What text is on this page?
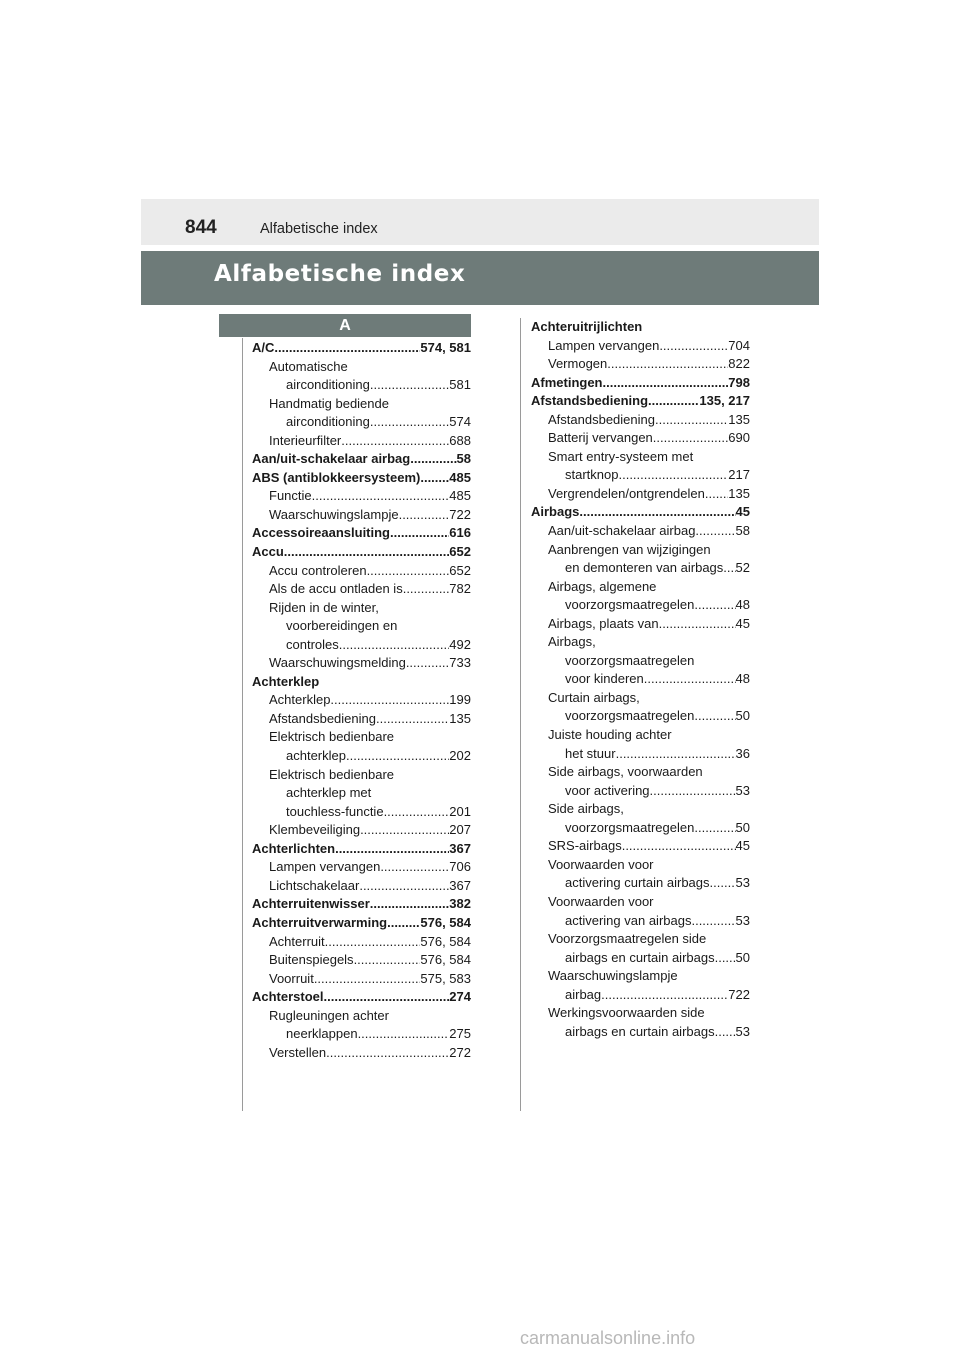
844	Alfabetische index
Alfabetische index
A
A/C .....	574, 581
Automatische
airconditioning .....	581
Handmatig bediende
airconditioning .....	574
Interieurfilter .....	688
Aan/uit-schakelaar airbag .....	58
ABS (antiblokkeersysteem) ..... 485
Functie .....	485
Waarschuwingslampje .....	722
Accessoireaansluiting .....	616
Accu .....	652
Accu controleren .....	652
Als de accu ontladen is .....	782
Rijden in de winter,
voorbereidingen en
controles .....	492
Waarschuwingsmelding .....	733
Achterklep
Achterklep .....	199
Afstandsbediening .....	135
Elektrisch bedienbare
achterklep .....	202
Elektrisch bedienbare
achterklep met
touchless-functie .....	201
Klembeveiliging .....	207
Achterlichten .....	367
Lampen vervangen .....	706
Lichtschakelaar .....	367
Achterruitenwisser .....	382
Achterruitverwarming .....	576, 584
Achterruit .....	576, 584
Buitenspiegels .....	576, 584
Voorruit .....	575, 583
Achterstoel .....	274
Rugleuningen achter
neerklappen .....	275
Verstellen .....	272
Achteruitrijlichten
Lampen vervangen .....	704
Vermogen .....	822
Afmetingen .....	798
Afstandsbediening .....	135, 217
Afstandsbediening .....	135
Batterij vervangen .....	690
Smart entry-systeem met
startknop .....	217
Vergrendelen/ontgrendelen ..... 135
Airbags .....	45
Aan/uit-schakelaar airbag .....	58
Aanbrengen van wijzigingen
en demonteren van airbags ..... 52
Airbags, algemene
voorzorgsmaatregelen .....	48
Airbags, plaats van .....	45
Airbags,
voorzorgsmaatregelen
voor kinderen .....	48
Curtain airbags,
voorzorgsmaatregelen .....	50
Juiste houding achter
het stuur .....	36
Side airbags, voorwaarden
voor activering .....	53
Side airbags,
voorzorgsmaatregelen .....	50
SRS-airbags .....	45
Voorwaarden voor
activering curtain airbags ..... 53
Voorwaarden voor
activering van airbags .....	53
Voorzorgsmaatregelen side
airbags en curtain airbags ..... 50
Waarschuwingslampje
airbag .....	722
Werkingsvoorwaarden side
airbags en curtain airbags ..... 53
carmanualsonline.info
